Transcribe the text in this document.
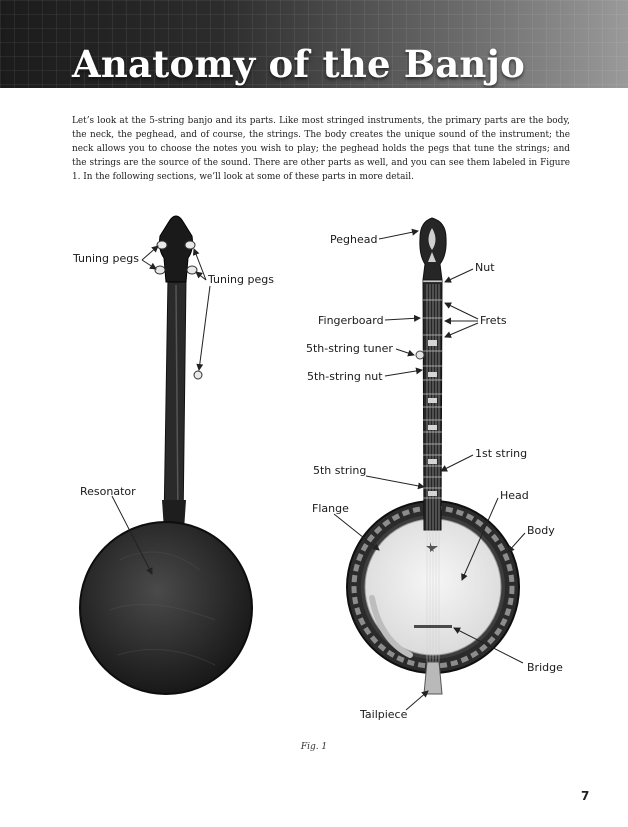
Anatomy of the Banjo

Let’s look at the 5-string banjo and its parts. Like most stringed instruments, the primary parts are the body, the neck, the peghead, and of course, the strings. The body creates the unique sound of the instrument; the neck allows you to choose the notes you wish to play; the peghead holds the pegs that tune the strings; and the strings are the source of the sound. There are other parts as well, and you can see them labeled in Figure 1. In the following sections, we’ll look at some of these parts in more detail.

Tuning pegs
Tuning pegs
Resonator
Peghead
Nut
Fingerboard	Frets
5th-string tuner
5th-string nut
1st string
5th string
Head
Flange
Body
Bridge
Tailpiece
Fig. 1
7
